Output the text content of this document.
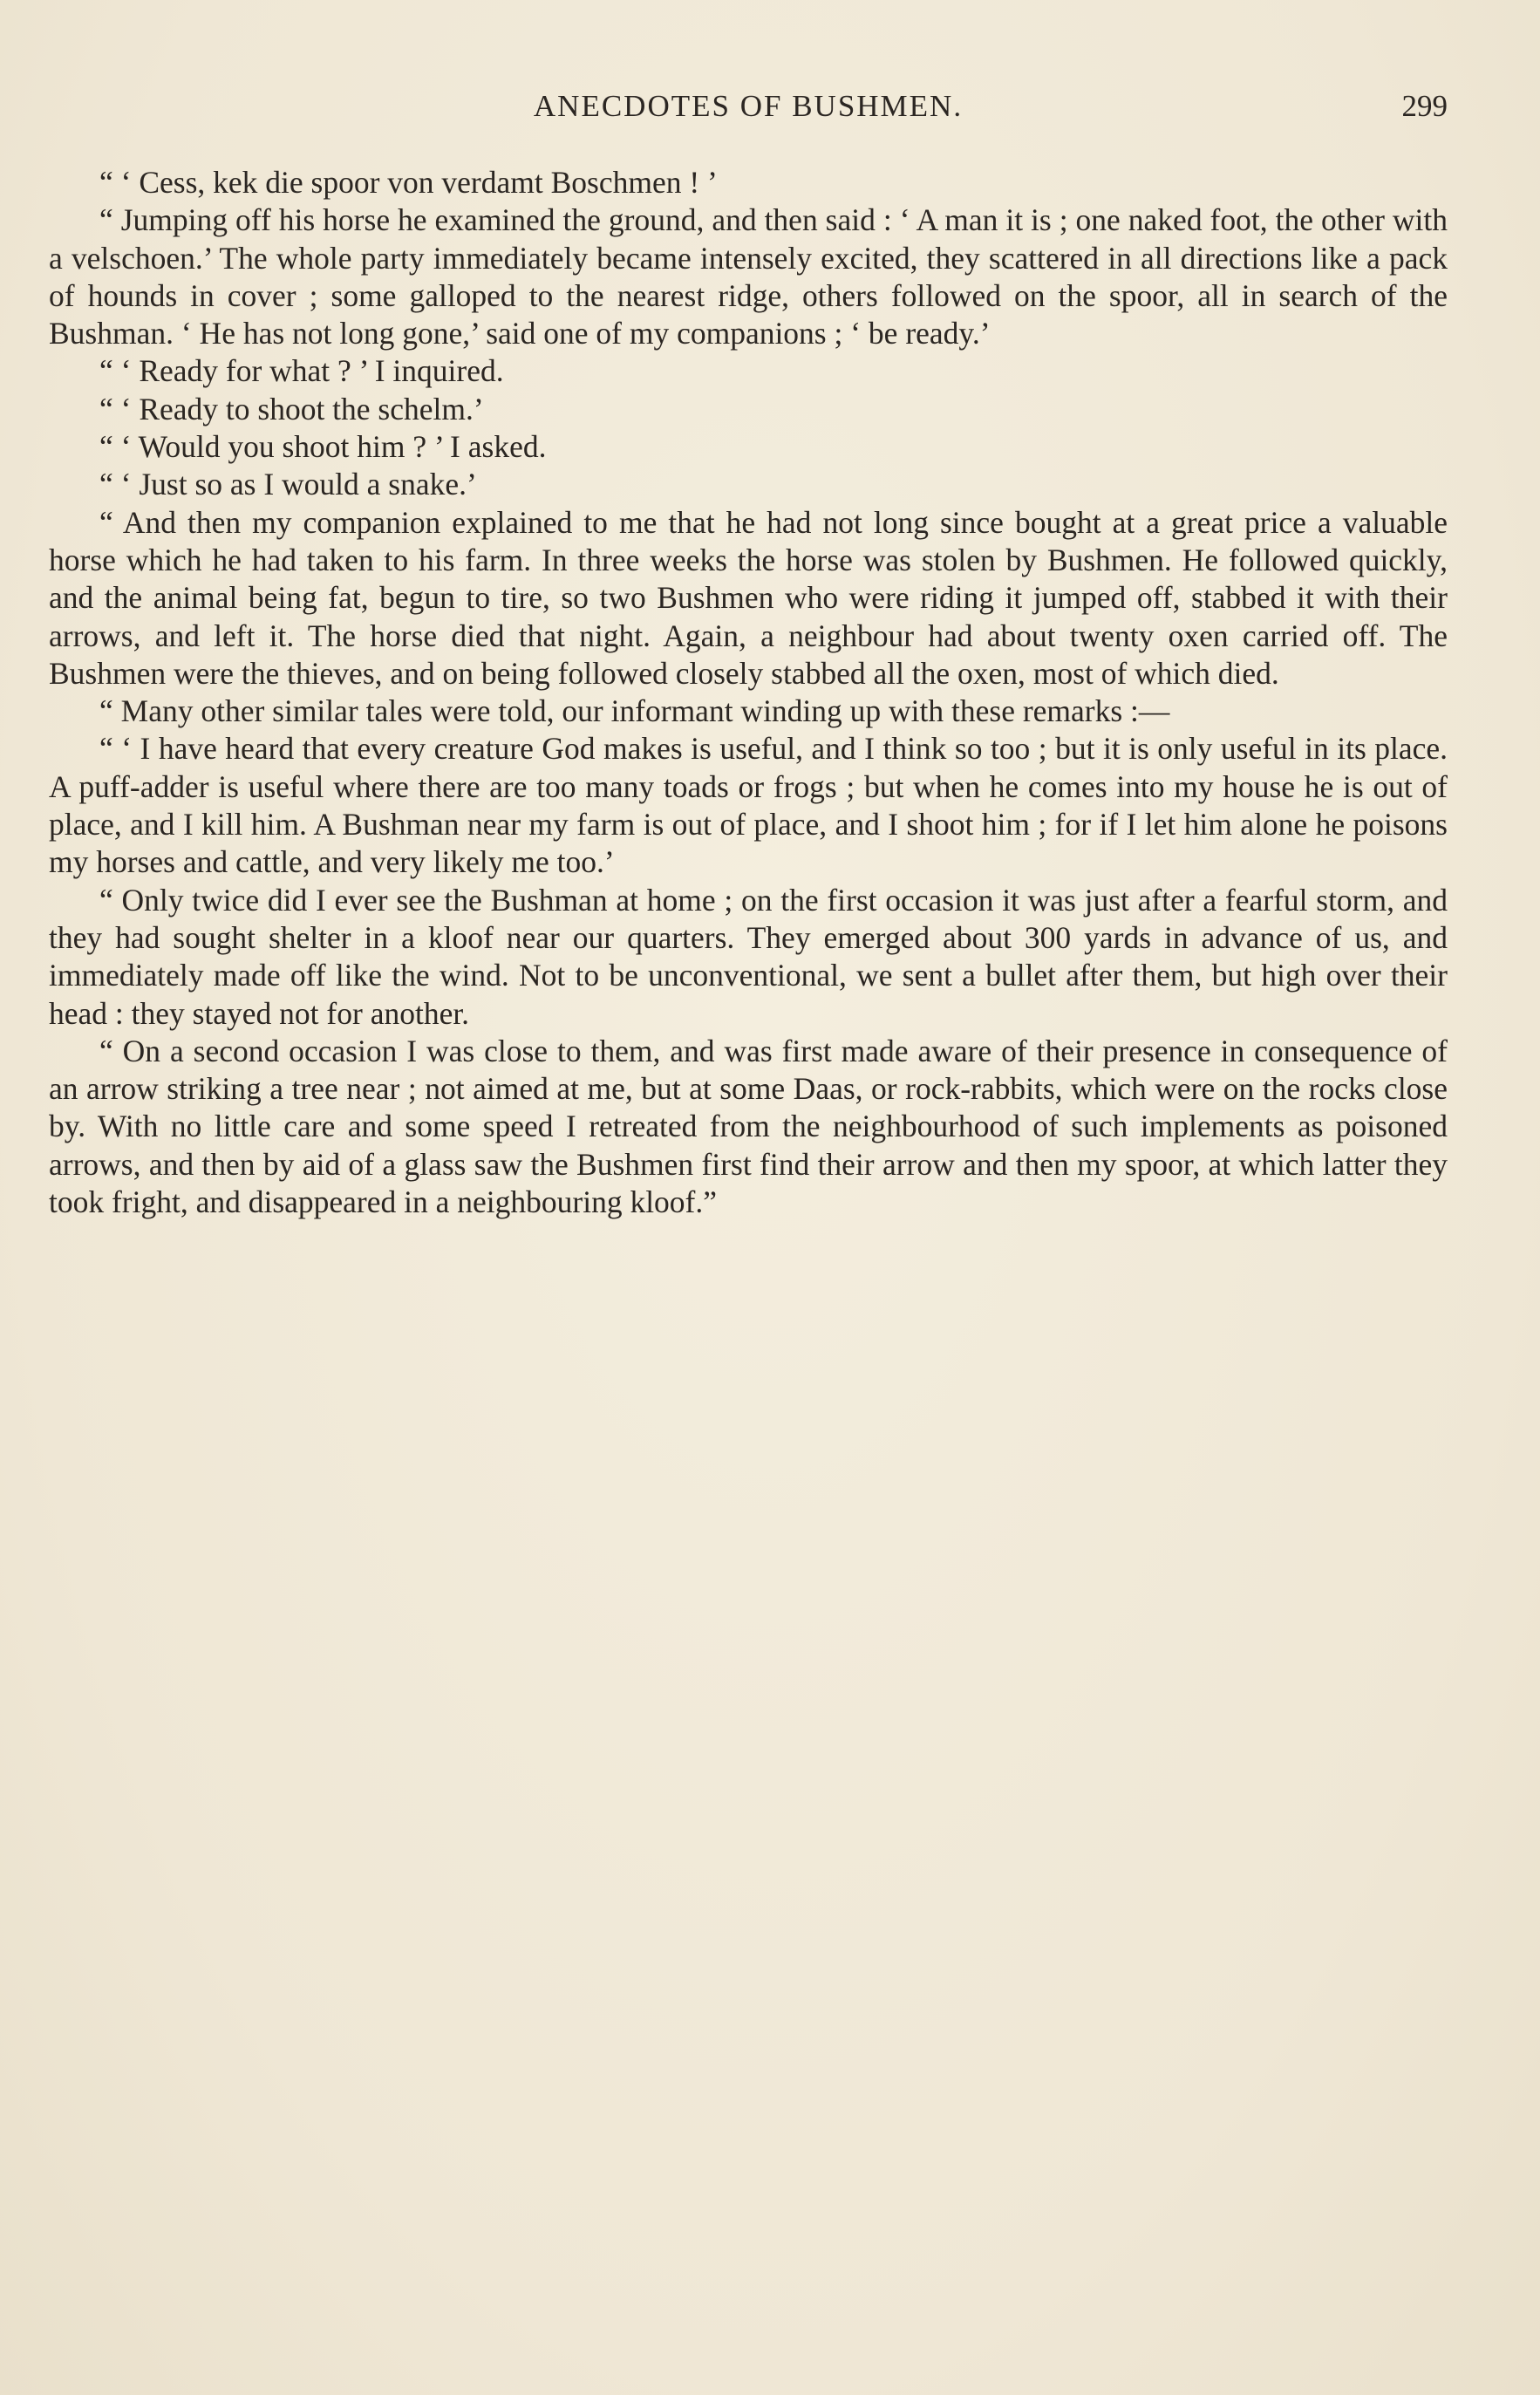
ANECDOTES OF BUSHMEN.	299

“ ‘ Cess, kek die spoor von verdamt Boschmen ! ’

“ Jumping off his horse he examined the ground, and then said : ‘ A man it is ; one naked foot, the other with a velschoen.’ The whole party immediately became intensely excited, they scattered in all directions like a pack of hounds in cover ; some galloped to the nearest ridge, others followed on the spoor, all in search of the Bushman. ‘ He has not long gone,’ said one of my companions ; ‘ be ready.’

“ ‘ Ready for what ? ’ I inquired.

“ ‘ Ready to shoot the schelm.’

“ ‘ Would you shoot him ? ’ I asked.

“ ‘ Just so as I would a snake.’

“ And then my companion explained to me that he had not long since bought at a great price a valuable horse which he had taken to his farm. In three weeks the horse was stolen by Bushmen. He followed quickly, and the animal being fat, begun to tire, so two Bushmen who were riding it jumped off, stabbed it with their arrows, and left it. The horse died that night. Again, a neighbour had about twenty oxen carried off. The Bushmen were the thieves, and on being followed closely stabbed all the oxen, most of which died.

“ Many other similar tales were told, our informant winding up with these remarks :—

“ ‘ I have heard that every creature God makes is useful, and I think so too ; but it is only useful in its place. A puff-adder is useful where there are too many toads or frogs ; but when he comes into my house he is out of place, and I kill him. A Bushman near my farm is out of place, and I shoot him ; for if I let him alone he poisons my horses and cattle, and very likely me too.’

“ Only twice did I ever see the Bushman at home ; on the first occasion it was just after a fearful storm, and they had sought shelter in a kloof near our quarters. They emerged about 300 yards in advance of us, and immediately made off like the wind. Not to be unconventional, we sent a bullet after them, but high over their head : they stayed not for another.

“ On a second occasion I was close to them, and was first made aware of their presence in consequence of an arrow striking a tree near ; not aimed at me, but at some Daas, or rock-rabbits, which were on the rocks close by. With no little care and some speed I retreated from the neighbourhood of such implements as poisoned arrows, and then by aid of a glass saw the Bushmen first find their arrow and then my spoor, at which latter they took fright, and disappeared in a neighbouring kloof.”
